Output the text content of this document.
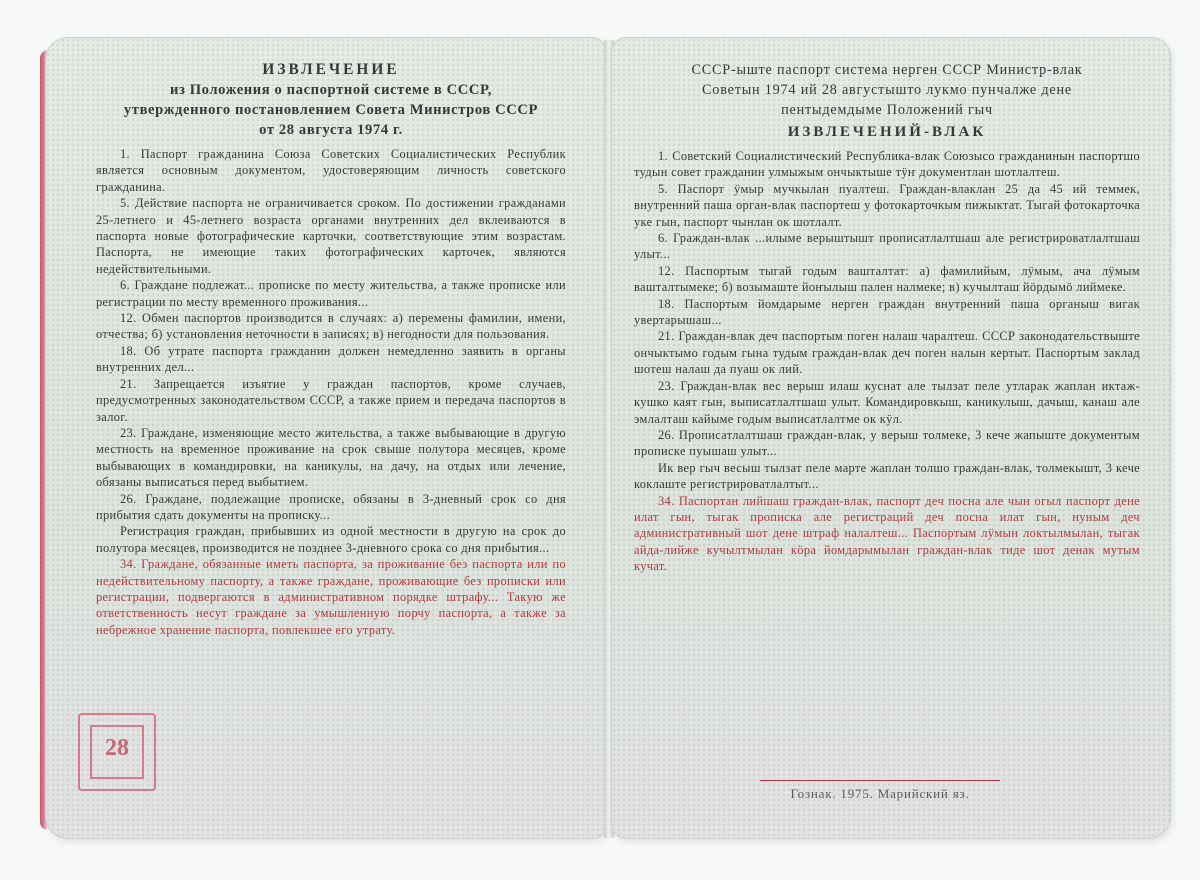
ИЗВЛЕЧЕНИЕ
из Положения о паспортной системе в СССР,
утвержденного постановлением Совета Министров СССР
от 28 августа 1974 г.
1. Паспорт гражданина Союза Советских Социалистических Республик является основным документом, удостоверяющим личность советского гражданина.
5. Действие паспорта не ограничивается сроком. По достижении гражданами 25-летнего и 45-летнего возраста органами внутренних дел вклеиваются в паспорта новые фотографические карточки, соответствующие этим возрастам. Паспорта, не имеющие таких фотографических карточек, являются недействительными.
6. Граждане подлежат... прописке по месту жительства, а также прописке или регистрации по месту временного проживания...
12. Обмен паспортов производится в случаях: а) перемены фамилии, имени, отчества; б) установления неточности в записях; в) негодности для пользования.
18. Об утрате паспорта гражданин должен немедленно заявить в органы внутренних дел...
21. Запрещается изъятие у граждан паспортов, кроме случаев, предусмотренных законодательством СССР, а также прием и передача паспортов в залог.
23. Граждане, изменяющие место жительства, а также выбывающие в другую местность на временное проживание на срок свыше полутора месяцев, кроме выбывающих в командировки, на каникулы, на дачу, на отдых или лечение, обязаны выписаться перед выбытием.
26. Граждане, подлежащие прописке, обязаны в 3-дневный срок со дня прибытия сдать документы на прописку...
Регистрация граждан, прибывших из одной местности в другую на срок до полутора месяцев, производится не позднее 3-дневного срока со дня прибытия...
34. Граждане, обязанные иметь паспорта, за проживание без паспорта или по недействительному паспорту, а также граждане, проживающие без прописки или регистрации, подвергаются в административном порядке штрафу... Такую же ответственность несут граждане за умышленную порчу паспорта, а также за небрежное хранение паспорта, повлекшее его утрату.
28
СССР-ыште паспорт система нерген СССР Министр-влак
Советын 1974 ий 28 августышто лукмо пунчалже дене
пентыдемдыме Положений гыч
ИЗВЛЕЧЕНИЙ-ВЛАК
1. Советский Социалистический Республика-влак Союзысо гражданинын паспортшо тудын совет гражданин улмыжым ончыктыше тӱҥ документлан шотлалтеш.
5. Паспорт ӱмыр мучкылан пуалтеш. Граждан-влаклан 25 да 45 ий теммек, внутренний паша орган-влак паспортеш у фотокарточкым пижыктат. Тыгай фотокарточка уке гын, паспорт чынлан ок шотлалт.
6. Граждан-влак ...илыме верыштышт прописатлалтшаш але регистрироватлалтшаш улыт...
12. Паспортым тыгай годым вашталтат: а) фамилийым, лӱмым, ача лӱмым вашталтымеке; б) возымаште йоҥылыш пален налмеке; в) кучылташ йӧрдымӧ лиймеке.
18. Паспортым йомдарыме нерген граждан внутренний паша органыш вигак увертарышаш...
21. Граждан-влак деч паспортым поген налаш чаралтеш. СССР законодательствыште ончыктымо годым гына тудым граждан-влак деч поген налын кертыт. Паспортым заклад шотеш налаш да пуаш ок лий.
23. Граждан-влак вес верыш илаш куснат але тылзат пеле утларак жаплан иктаж-кушко каят гын, выписатлалтшаш улыт. Командировкыш, каникулыш, дачыш, канаш але эмлалташ кайыме годым выписатлалтме ок кӱл.
26. Прописатлалтшаш граждан-влак, у верыш толмеке, 3 кече жапыште документым прописке пуышаш улыт...
Ик вер гыч весыш тылзат пеле марте жаплан толшо граждан-влак, толмекышт, 3 кече коклаште регистрироватлалтыт...
34. Паспортан лийшаш граждан-влак, паспорт деч посна але чын огыл паспорт дене илат гын, тыгак прописка але регистраций деч посна илат гын, нуным деч административный шот дене штраф налалтеш... Паспортым лӱмын локтылмылан, тыгак айда-лийже кучылтмылан кӧра йомдарымылан граждан-влак тиде шот денак мутым кучат.
Гознак. 1975. Марийский яз.
